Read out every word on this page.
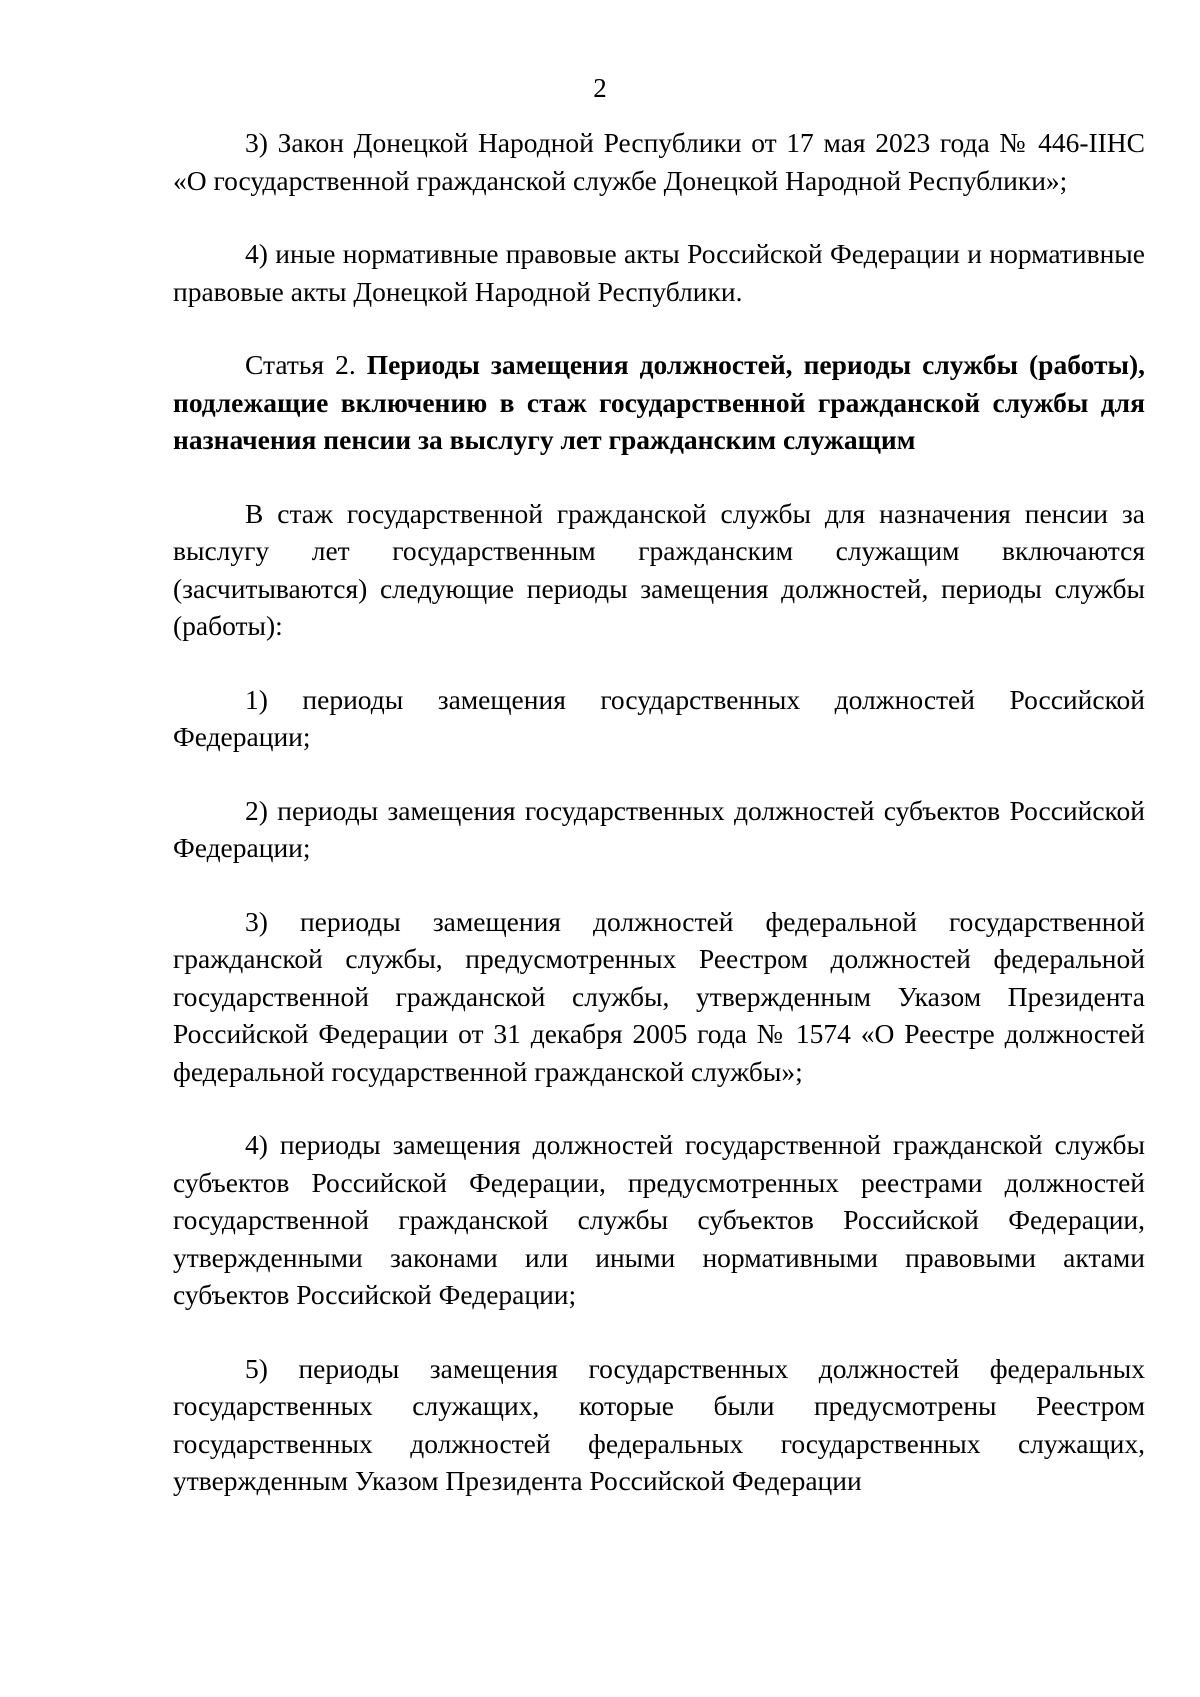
2

3) Закон Донецкой Народной Республики от 17 мая 2023 года № 446-IIНС «О государственной гражданской службе Донецкой Народной Республики»;

4) иные нормативные правовые акты Российской Федерации и нормативные правовые акты Донецкой Народной Республики.

Статья 2. Периоды замещения должностей, периоды службы (работы), подлежащие включению в стаж государственной гражданской службы для назначения пенсии за выслугу лет гражданским служащим

В стаж государственной гражданской службы для назначения пенсии за выслугу лет государственным гражданским служащим включаются (засчитываются) следующие периоды замещения должностей, периоды службы (работы):

1) периоды замещения государственных должностей Российской Федерации;

2) периоды замещения государственных должностей субъектов Российской Федерации;

3) периоды замещения должностей федеральной государственной гражданской службы, предусмотренных Реестром должностей федеральной государственной гражданской службы, утвержденным Указом Президента Российской Федерации от 31 декабря 2005 года № 1574 «О Реестре должностей федеральной государственной гражданской службы»;

4) периоды замещения должностей государственной гражданской службы субъектов Российской Федерации, предусмотренных реестрами должностей государственной гражданской службы субъектов Российской Федерации, утвержденными законами или иными нормативными правовыми актами субъектов Российской Федерации;

5) периоды замещения государственных должностей федеральных государственных служащих, которые были предусмотрены Реестром государственных должностей федеральных государственных служащих, утвержденным Указом Президента Российской Федерации
